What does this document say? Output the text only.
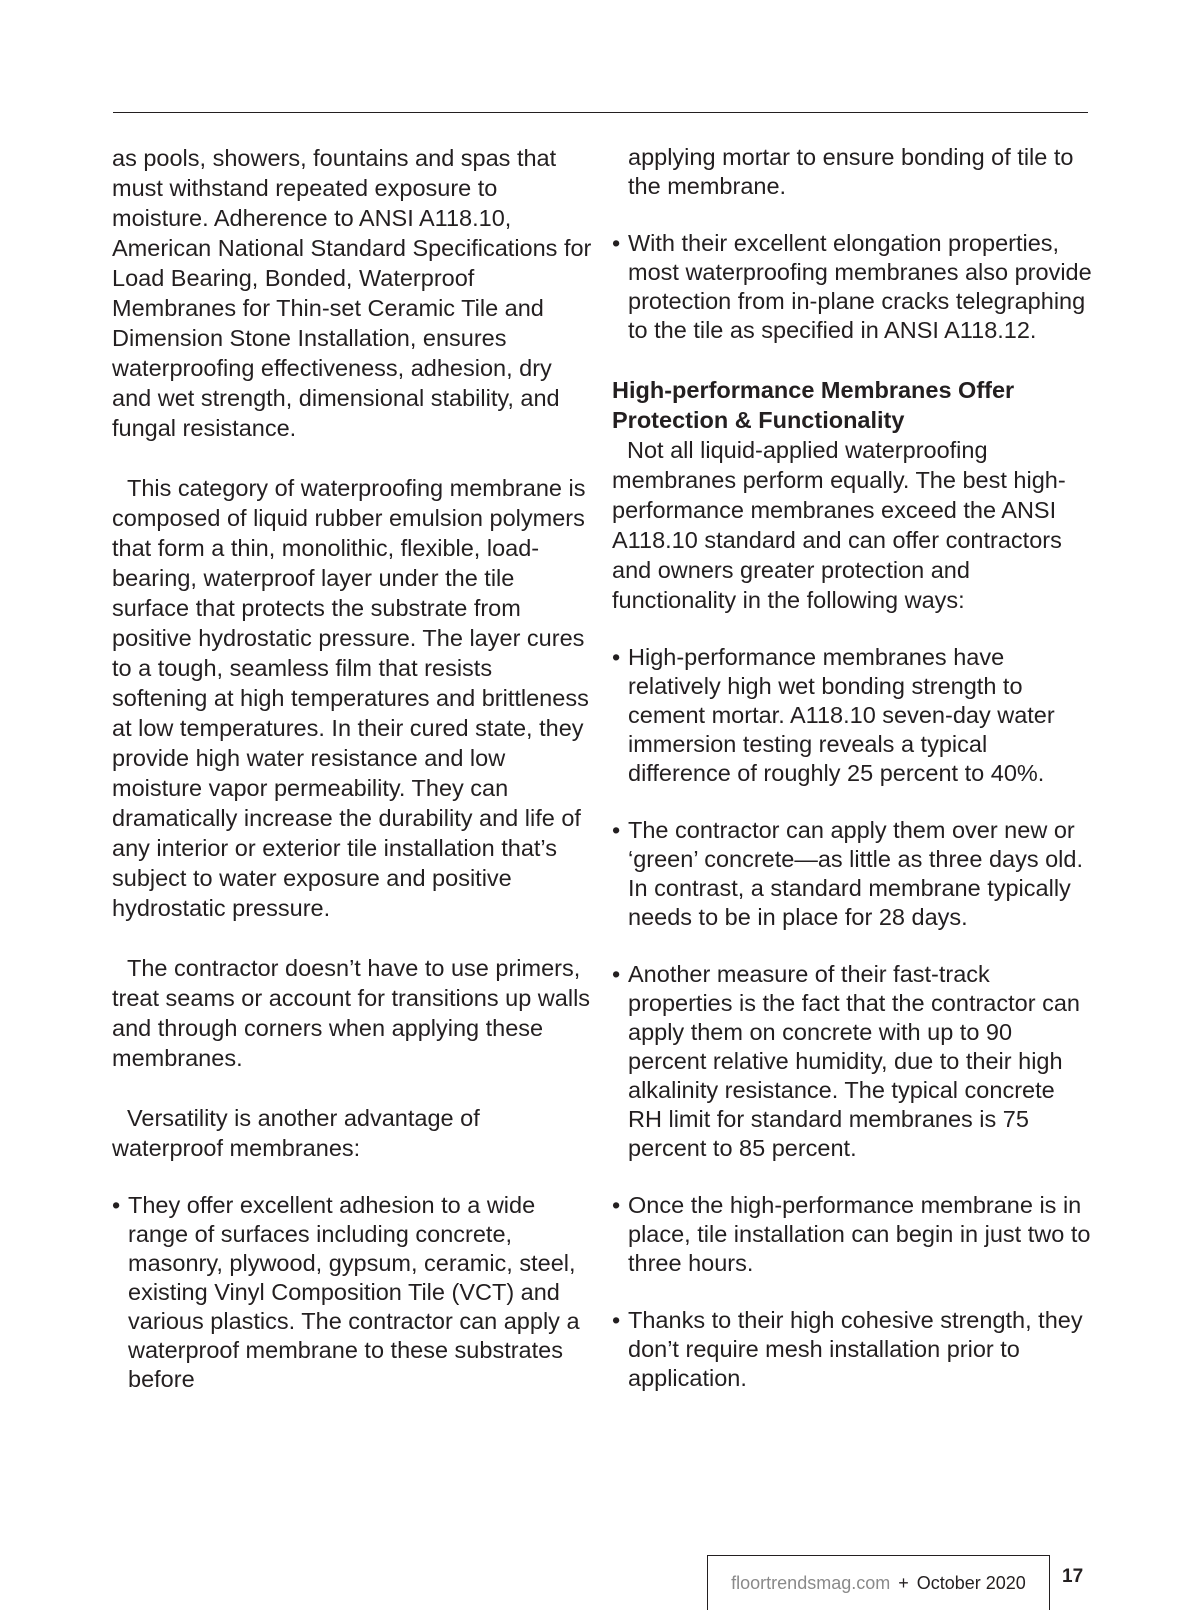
as pools, showers, fountains and spas that must withstand repeated exposure to moisture. Adherence to ANSI A118.10, American National Standard Specifications for Load Bearing, Bonded, Waterproof Membranes for Thin-set Ceramic Tile and Dimension Stone Installation, ensures waterproofing effectiveness, adhesion, dry and wet strength, dimensional stability, and fungal resistance.

This category of waterproofing membrane is composed of liquid rubber emulsion polymers that form a thin, monolithic, flexible, load-bearing, waterproof layer under the tile surface that protects the substrate from positive hydrostatic pressure. The layer cures to a tough, seamless film that resists softening at high temperatures and brittleness at low temperatures. In their cured state, they provide high water resistance and low moisture vapor permeability. They can dramatically increase the durability and life of any interior or exterior tile installation that’s subject to water exposure and positive hydrostatic pressure.

The contractor doesn’t have to use primers, treat seams or account for transitions up walls and through corners when applying these membranes.

Versatility is another advantage of waterproof membranes:

• They offer excellent adhesion to a wide range of surfaces including concrete, masonry, plywood, gypsum, ceramic, steel, existing Vinyl Composition Tile (VCT) and various plastics. The contractor can apply a waterproof membrane to these substrates before

applying mortar to ensure bonding of tile to the membrane.

• With their excellent elongation properties, most waterproofing membranes also provide protection from in-plane cracks telegraphing to the tile as specified in ANSI A118.12.

High-performance Membranes Offer Protection & Functionality

Not all liquid-applied waterproofing membranes perform equally. The best high-performance membranes exceed the ANSI A118.10 standard and can offer contractors and owners greater protection and functionality in the following ways:

• High-performance membranes have relatively high wet bonding strength to cement mortar. A118.10 seven-day water immersion testing reveals a typical difference of roughly 25 percent to 40%.

• The contractor can apply them over new or ‘green’ concrete—as little as three days old. In contrast, a standard membrane typically needs to be in place for 28 days.

• Another measure of their fast-track properties is the fact that the contractor can apply them on concrete with up to 90 percent relative humidity, due to their high alkalinity resistance. The typical concrete RH limit for standard membranes is 75 percent to 85 percent.

• Once the high-performance membrane is in place, tile installation can begin in just two to three hours.

• Thanks to their high cohesive strength, they don’t require mesh installation prior to application.

floortrendsmag.com + October 2020 17
